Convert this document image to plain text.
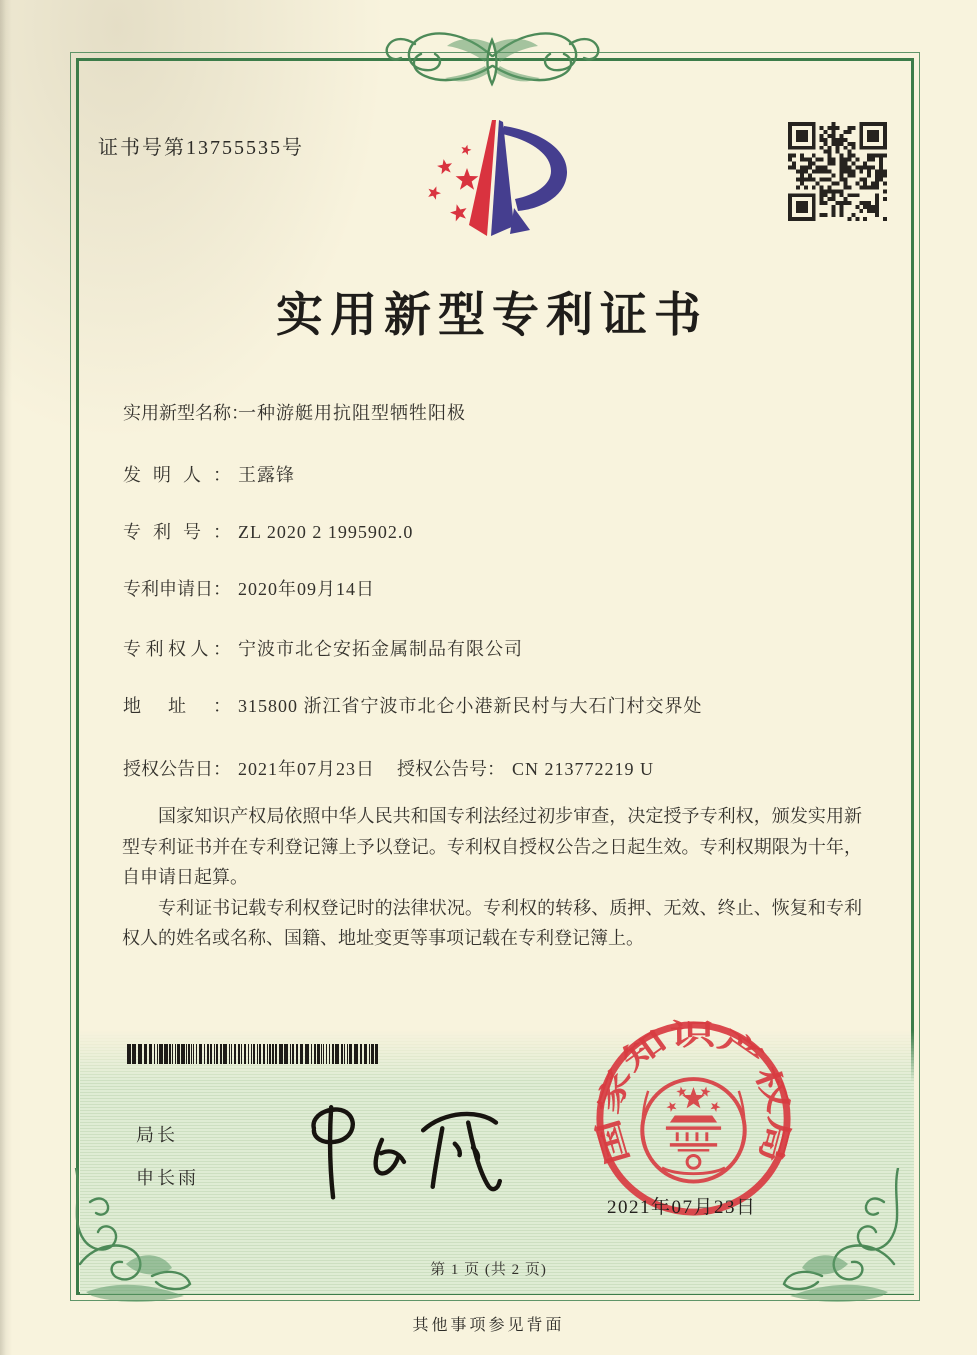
证书号第13755535号
实用新型专利证书
实用新型名称：一种游艇用抗阻型牺牲阳极
发明人： 王露锋
专利号： ZL 2020 2 1995902.0
专利申请日： 2020年09月14日
专利权人： 宁波市北仑安拓金属制品有限公司
地址： 315800 浙江省宁波市北仑小港新民村与大石门村交界处
授权公告日： 2021年07月23日 授权公告号： CN 213772219 U

国家知识产权局依照中华人民共和国专利法经过初步审查，决定授予专利权，颁发实用新型专利证书并在专利登记簿上予以登记。专利权自授权公告之日起生效。专利权期限为十年，自申请日起算。

专利证书记载专利权登记时的法律状况。专利权的转移、质押、无效、终止、恢复和专利权人的姓名或名称、国籍、地址变更等事项记载在专利登记簿上。

局长
申长雨
国家知识产权局
2021年07月23日
第 1 页 (共 2 页)
其他事项参见背面
